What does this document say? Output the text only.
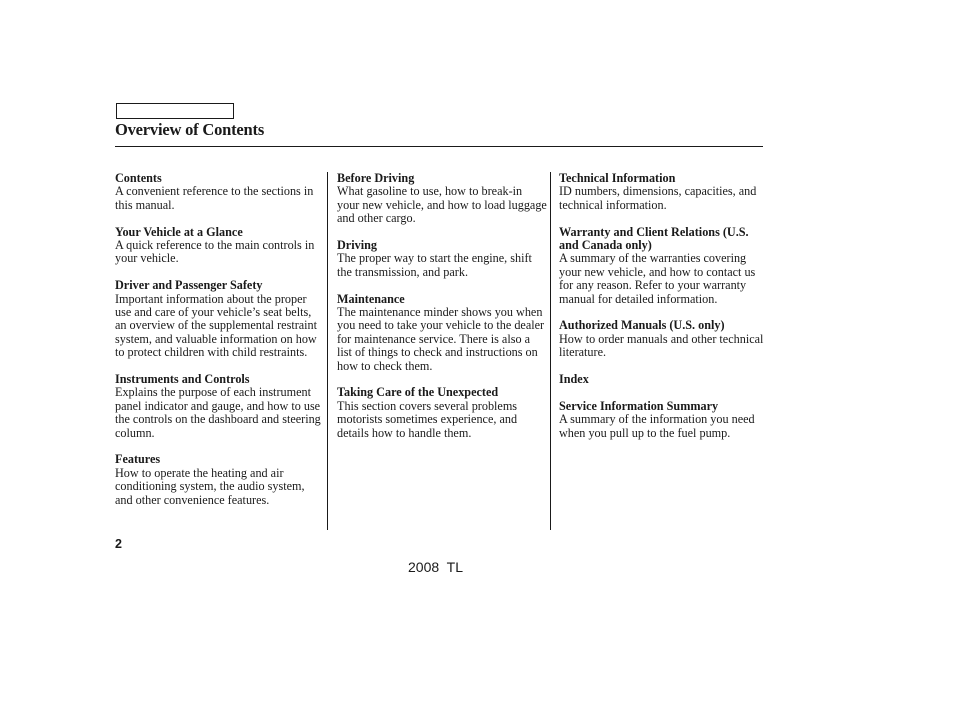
Overview of Contents
Contents
A convenient reference to the sections in this manual.
Your Vehicle at a Glance
A quick reference to the main controls in your vehicle.
Driver and Passenger Safety
Important information about the proper use and care of your vehicle’s seat belts, an overview of the supplemental restraint system, and valuable information on how to protect children with child restraints.
Instruments and Controls
Explains the purpose of each instrument panel indicator and gauge, and how to use the controls on the dashboard and steering column.
Features
How to operate the heating and air conditioning system, the audio system, and other convenience features.
Before Driving
What gasoline to use, how to break-in your new vehicle, and how to load luggage and other cargo.
Driving
The proper way to start the engine, shift the transmission, and park.
Maintenance
The maintenance minder shows you when you need to take your vehicle to the dealer for maintenance service. There is also a list of things to check and instructions on how to check them.
Taking Care of the Unexpected
This section covers several problems motorists sometimes experience, and details how to handle them.
Technical Information
ID numbers, dimensions, capacities, and technical information.
Warranty and Client Relations (U.S. and Canada only)
A summary of the warranties covering your new vehicle, and how to contact us for any reason. Refer to your warranty manual for detailed information.
Authorized Manuals (U.S. only)
How to order manuals and other technical literature.
Index
Service Information Summary
A summary of the information you need when you pull up to the fuel pump.
2
2008  TL
